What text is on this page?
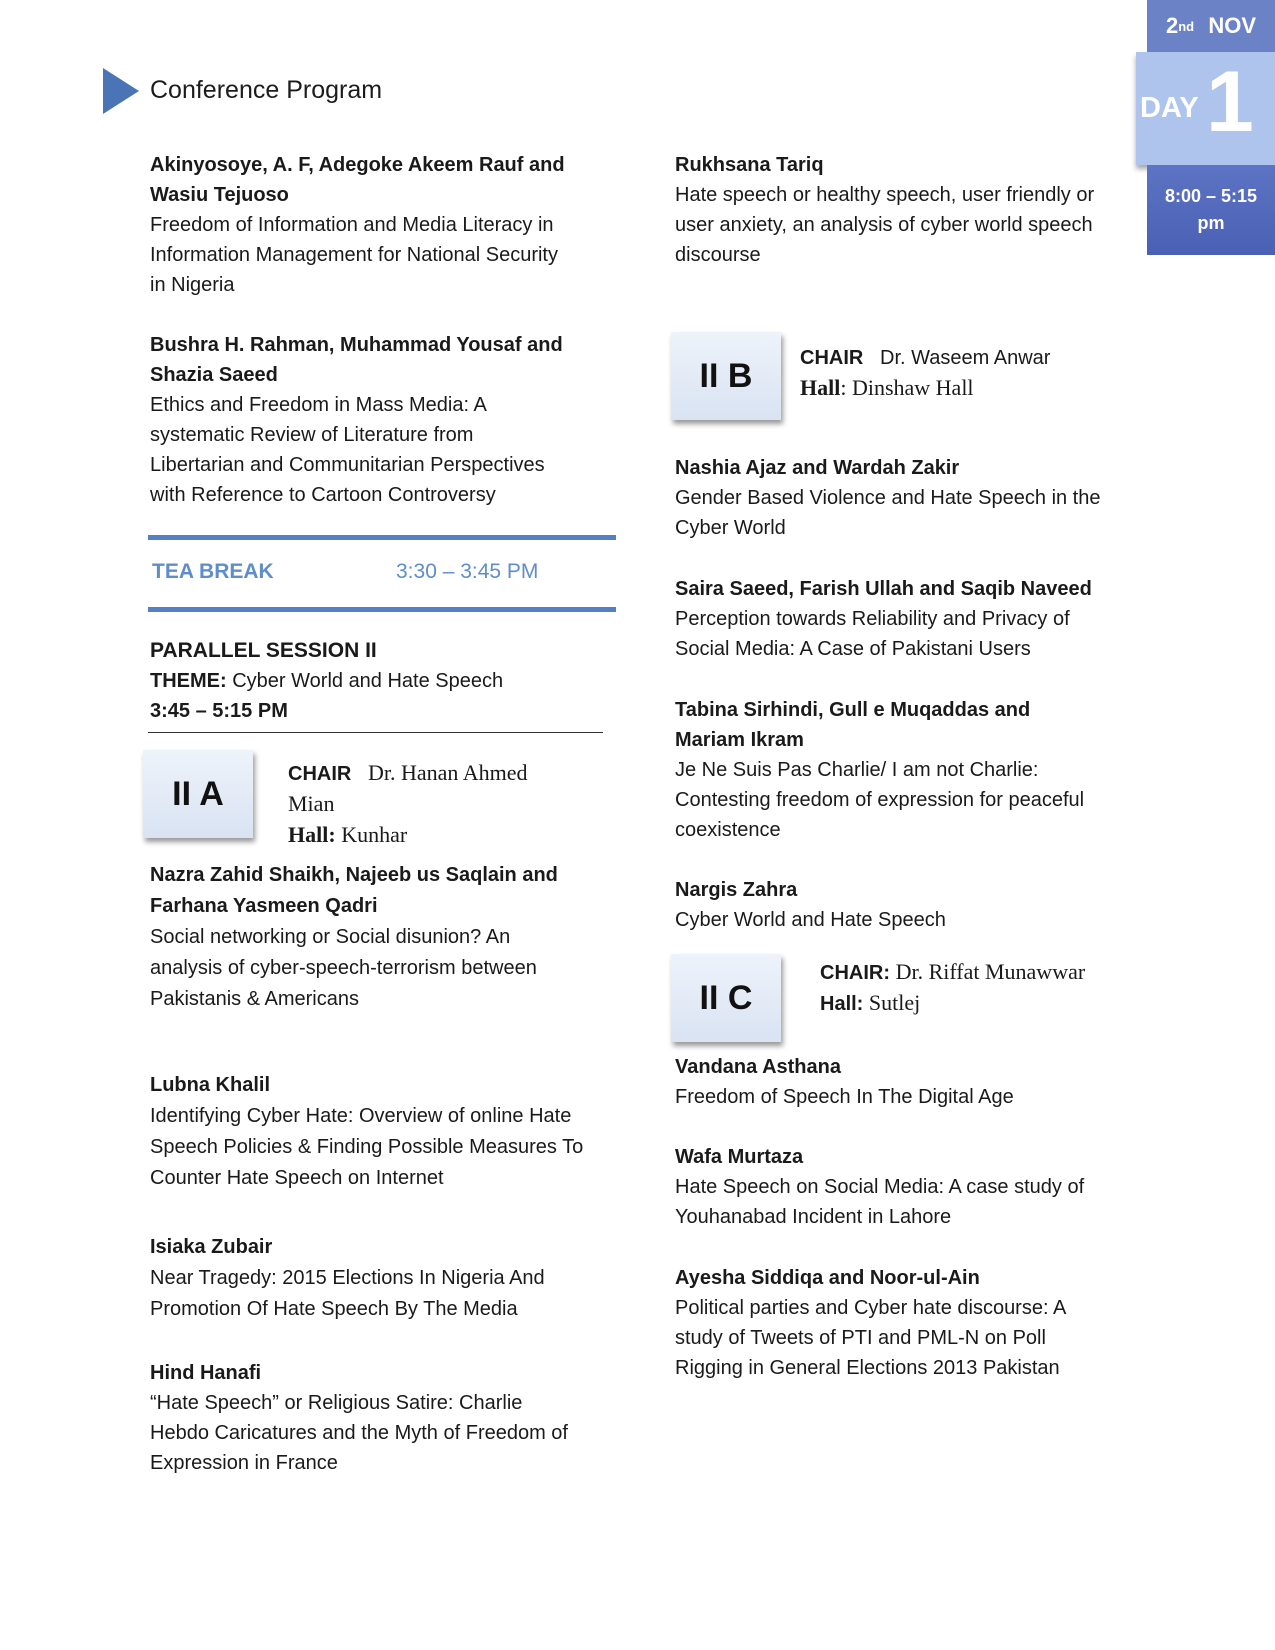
Conference Program
2 nd
NOV
DAY 1
8:00 – 5:15
pm
Akinyosoye, A. F, Adegoke Akeem Rauf and
Wasiu Tejuoso
Freedom of Information and Media Literacy in
Information Management for National Security
in Nigeria
Bushra H. Rahman, Muhammad Yousaf and
Shazia Saeed
Ethics and Freedom in Mass Media: A
systematic Review of Literature from
Libertarian and Communitarian Perspectives
with Reference to Cartoon Controversy
TEA BREAK	3:30 – 3:45 PM
PARALLEL SESSION II
THEME: Cyber World and Hate Speech
3:45 – 5:15 PM
II A
CHAIR Dr. Hanan Ahmed
Mian
Hall: Kunhar
Nazra Zahid Shaikh, Najeeb us Saqlain and
Farhana Yasmeen Qadri
Social networking or Social disunion? An
analysis of cyber-speech-terrorism between
Pakistanis & Americans
Lubna Khalil
Identifying Cyber Hate: Overview of online Hate
Speech Policies & Finding Possible Measures To
Counter Hate Speech on Internet
Isiaka Zubair
Near Tragedy: 2015 Elections In Nigeria And
Promotion Of Hate Speech By The Media
Hind Hanafi
“Hate Speech” or Religious Satire: Charlie
Hebdo Caricatures and the Myth of Freedom of
Expression in France
Rukhsana Tariq
Hate speech or healthy speech, user friendly or
user anxiety, an analysis of cyber world speech
discourse
II B	CHAIR Dr. Waseem Anwar
Hall: Dinshaw Hall
Nashia Ajaz and Wardah Zakir
Gender Based Violence and Hate Speech in the
Cyber World
Saira Saeed, Farish Ullah and Saqib Naveed
Perception towards Reliability and Privacy of
Social Media: A Case of Pakistani Users
Tabina Sirhindi, Gull e Muqaddas and
Mariam Ikram
Je Ne Suis Pas Charlie/ I am not Charlie:
Contesting freedom of expression for peaceful
coexistence
Nargis Zahra
Cyber World and Hate Speech
II C
CHAIR: Dr. Riffat Munawwar
Hall: Sutlej
Vandana Asthana
Freedom of Speech In The Digital Age
Wafa Murtaza
Hate Speech on Social Media: A case study of
Youhanabad Incident in Lahore
Ayesha Siddiqa and Noor-ul-Ain
Political parties and Cyber hate discourse: A
study of Tweets of PTI and PML-N on Poll
Rigging in General Elections 2013 Pakistan
